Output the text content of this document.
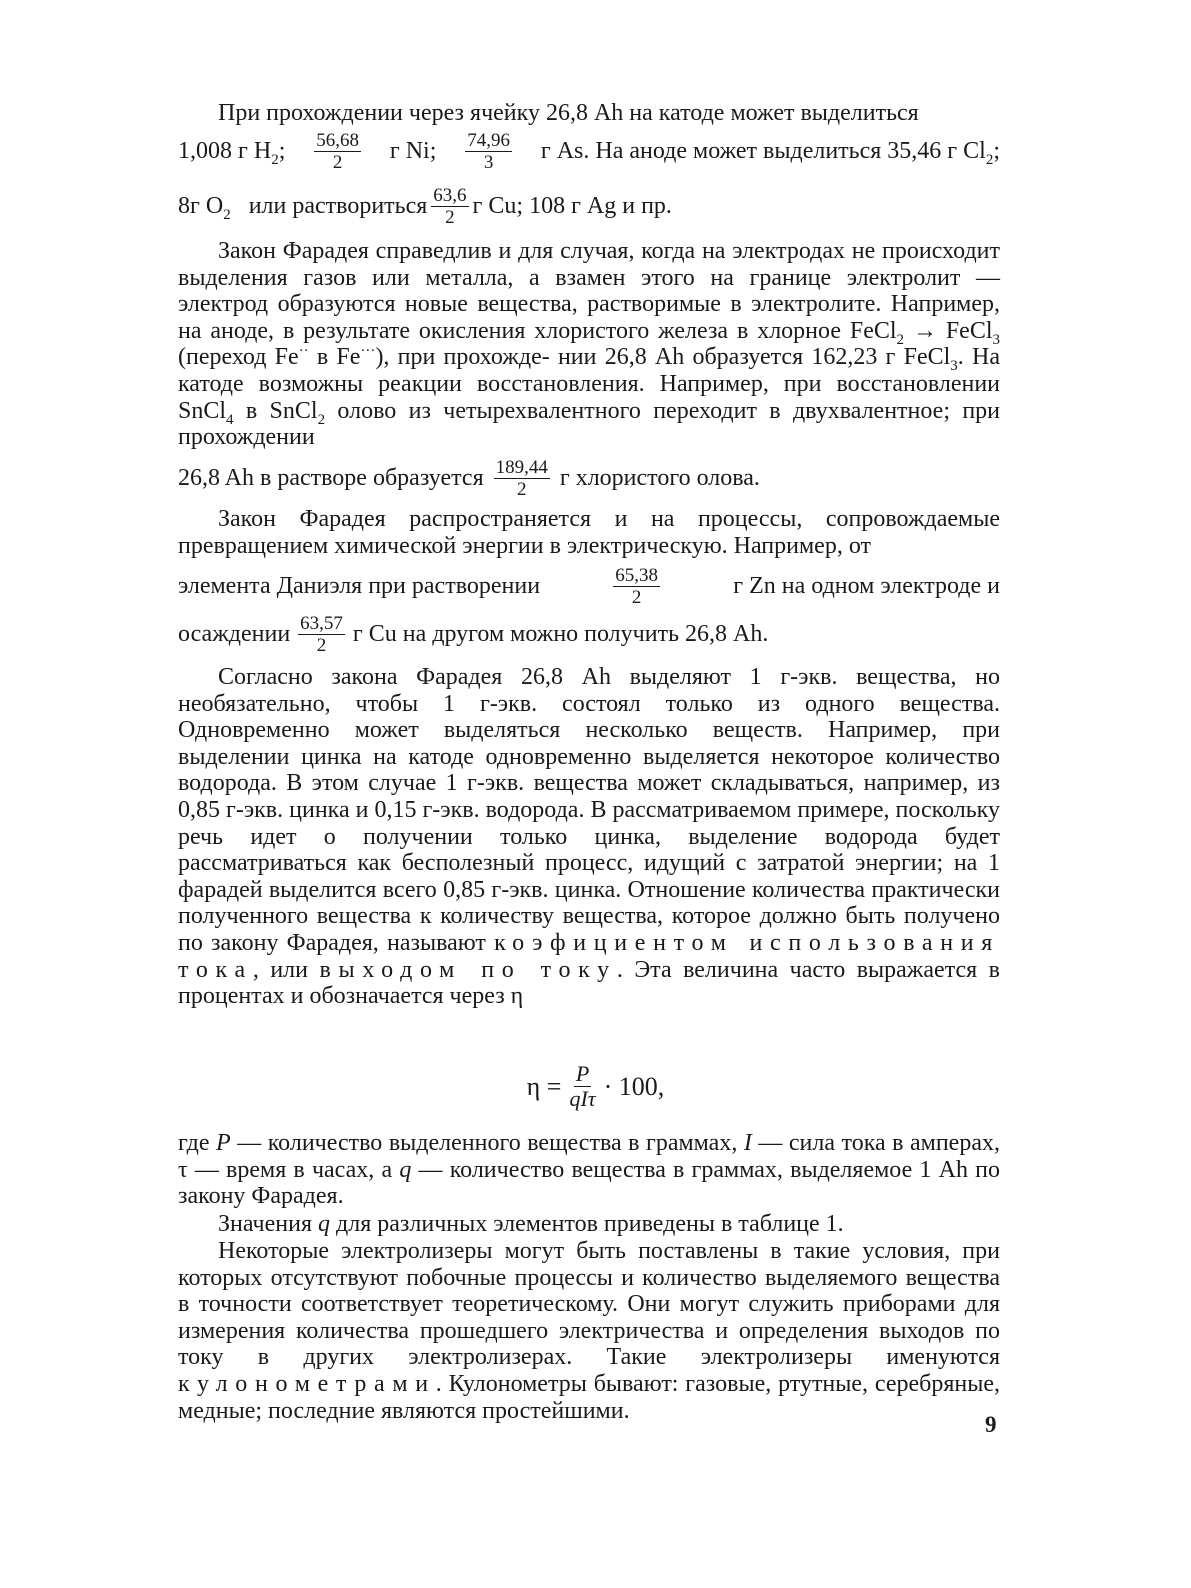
При прохождении через ячейку 26,8 Ah на катоде может выделиться
1,008 г $H_2$; $\frac{56,68}{2}$ г Ni; $\frac{74,96}{3}$ г As. На аноде может выделиться 35,46 г $Cl_2$;
8г $O_2$ или раствориться $\frac{63,6}{2}$ г Cu; 108 г Ag и пр.
Закон Фарадея справедлив и для случая, когда на электродах не происходит выделения газов или металла, а взамен этого на границе электролит — электрод образуются новые вещества, растворимые в электролите. Например, на аноде, в результате окисления хлористого железа в хлорное FeCl$_2$ → FeCl$_3$ (переход Fe·· в Fe···), при прохожде- нии 26,8 Ah образуется 162,23 г FeCl$_3$. На катоде возможны реакции восстановления. Например, при восстановлении SnCl$_4$ в SnCl$_2$ олово из четырехвалентного переходит в двухвалентное; при прохождении
26,8 Ah в растворе образуется $\frac{189,44}{2}$ г хлористого олова.
Закон Фарадея распространяется и на процессы, сопровождаемые превращением химической энергии в электрическую. Например, от
элемента Даниэля при растворении	$\frac{65,38}{2}$	г Zn на одном электроде и
осаждении $\frac{63,57}{2}$ г Cu на другом можно получить 26,8 Ah.
Согласно закона Фарадея 26,8 Ah выделяют 1 г-экв. вещества, но необязательно, чтобы 1 г-экв. состоял только из одного вещества. Одновременно может выделяться несколько веществ. Например, при выделении цинка на катоде одновременно выделяется некоторое количество водорода. В этом случае 1 г-экв. вещества может складываться, например, из 0,85 г-экв. цинка и 0,15 г-экв. водорода. В рассматриваемом примере, поскольку речь идет о получении только цинка, выделение водорода будет рассматриваться как бесполезный процесс, идущий с затратой энергии; на 1 фарадей выделится всего 0,85 г-экв. цинка. Отношение количества практически полученного вещества к количеству вещества, которое должно быть получено по закону Фарадея, называют коэфициентом использования тока, или выходом по току. Эта величина часто выражается в процентах и обозначается через η
$\eta = \frac{P}{\text{qIτ}} \cdot 100$,
где P — количество выделенного вещества в граммах, I — сила тока в амперах, τ — время в часах, а q — количество вещества в граммах, выделяемое 1 Ah по закону Фарадея.
Значения q для различных элементов приведены в таблице 1.
Некоторые электролизеры могут быть поставлены в такие условия, при которых отсутствуют побочные процессы и количество выделяемого вещества в точности соответствует теоретическому. Они могут служить приборами для измерения количества прошедшего электричества и определения выходов по току в других электролизерах. Такие электролизеры именуются кулонометрами. Кулонометры бывают: газовые, ртутные, серебряные, медные; последние являются простейшими.
9
